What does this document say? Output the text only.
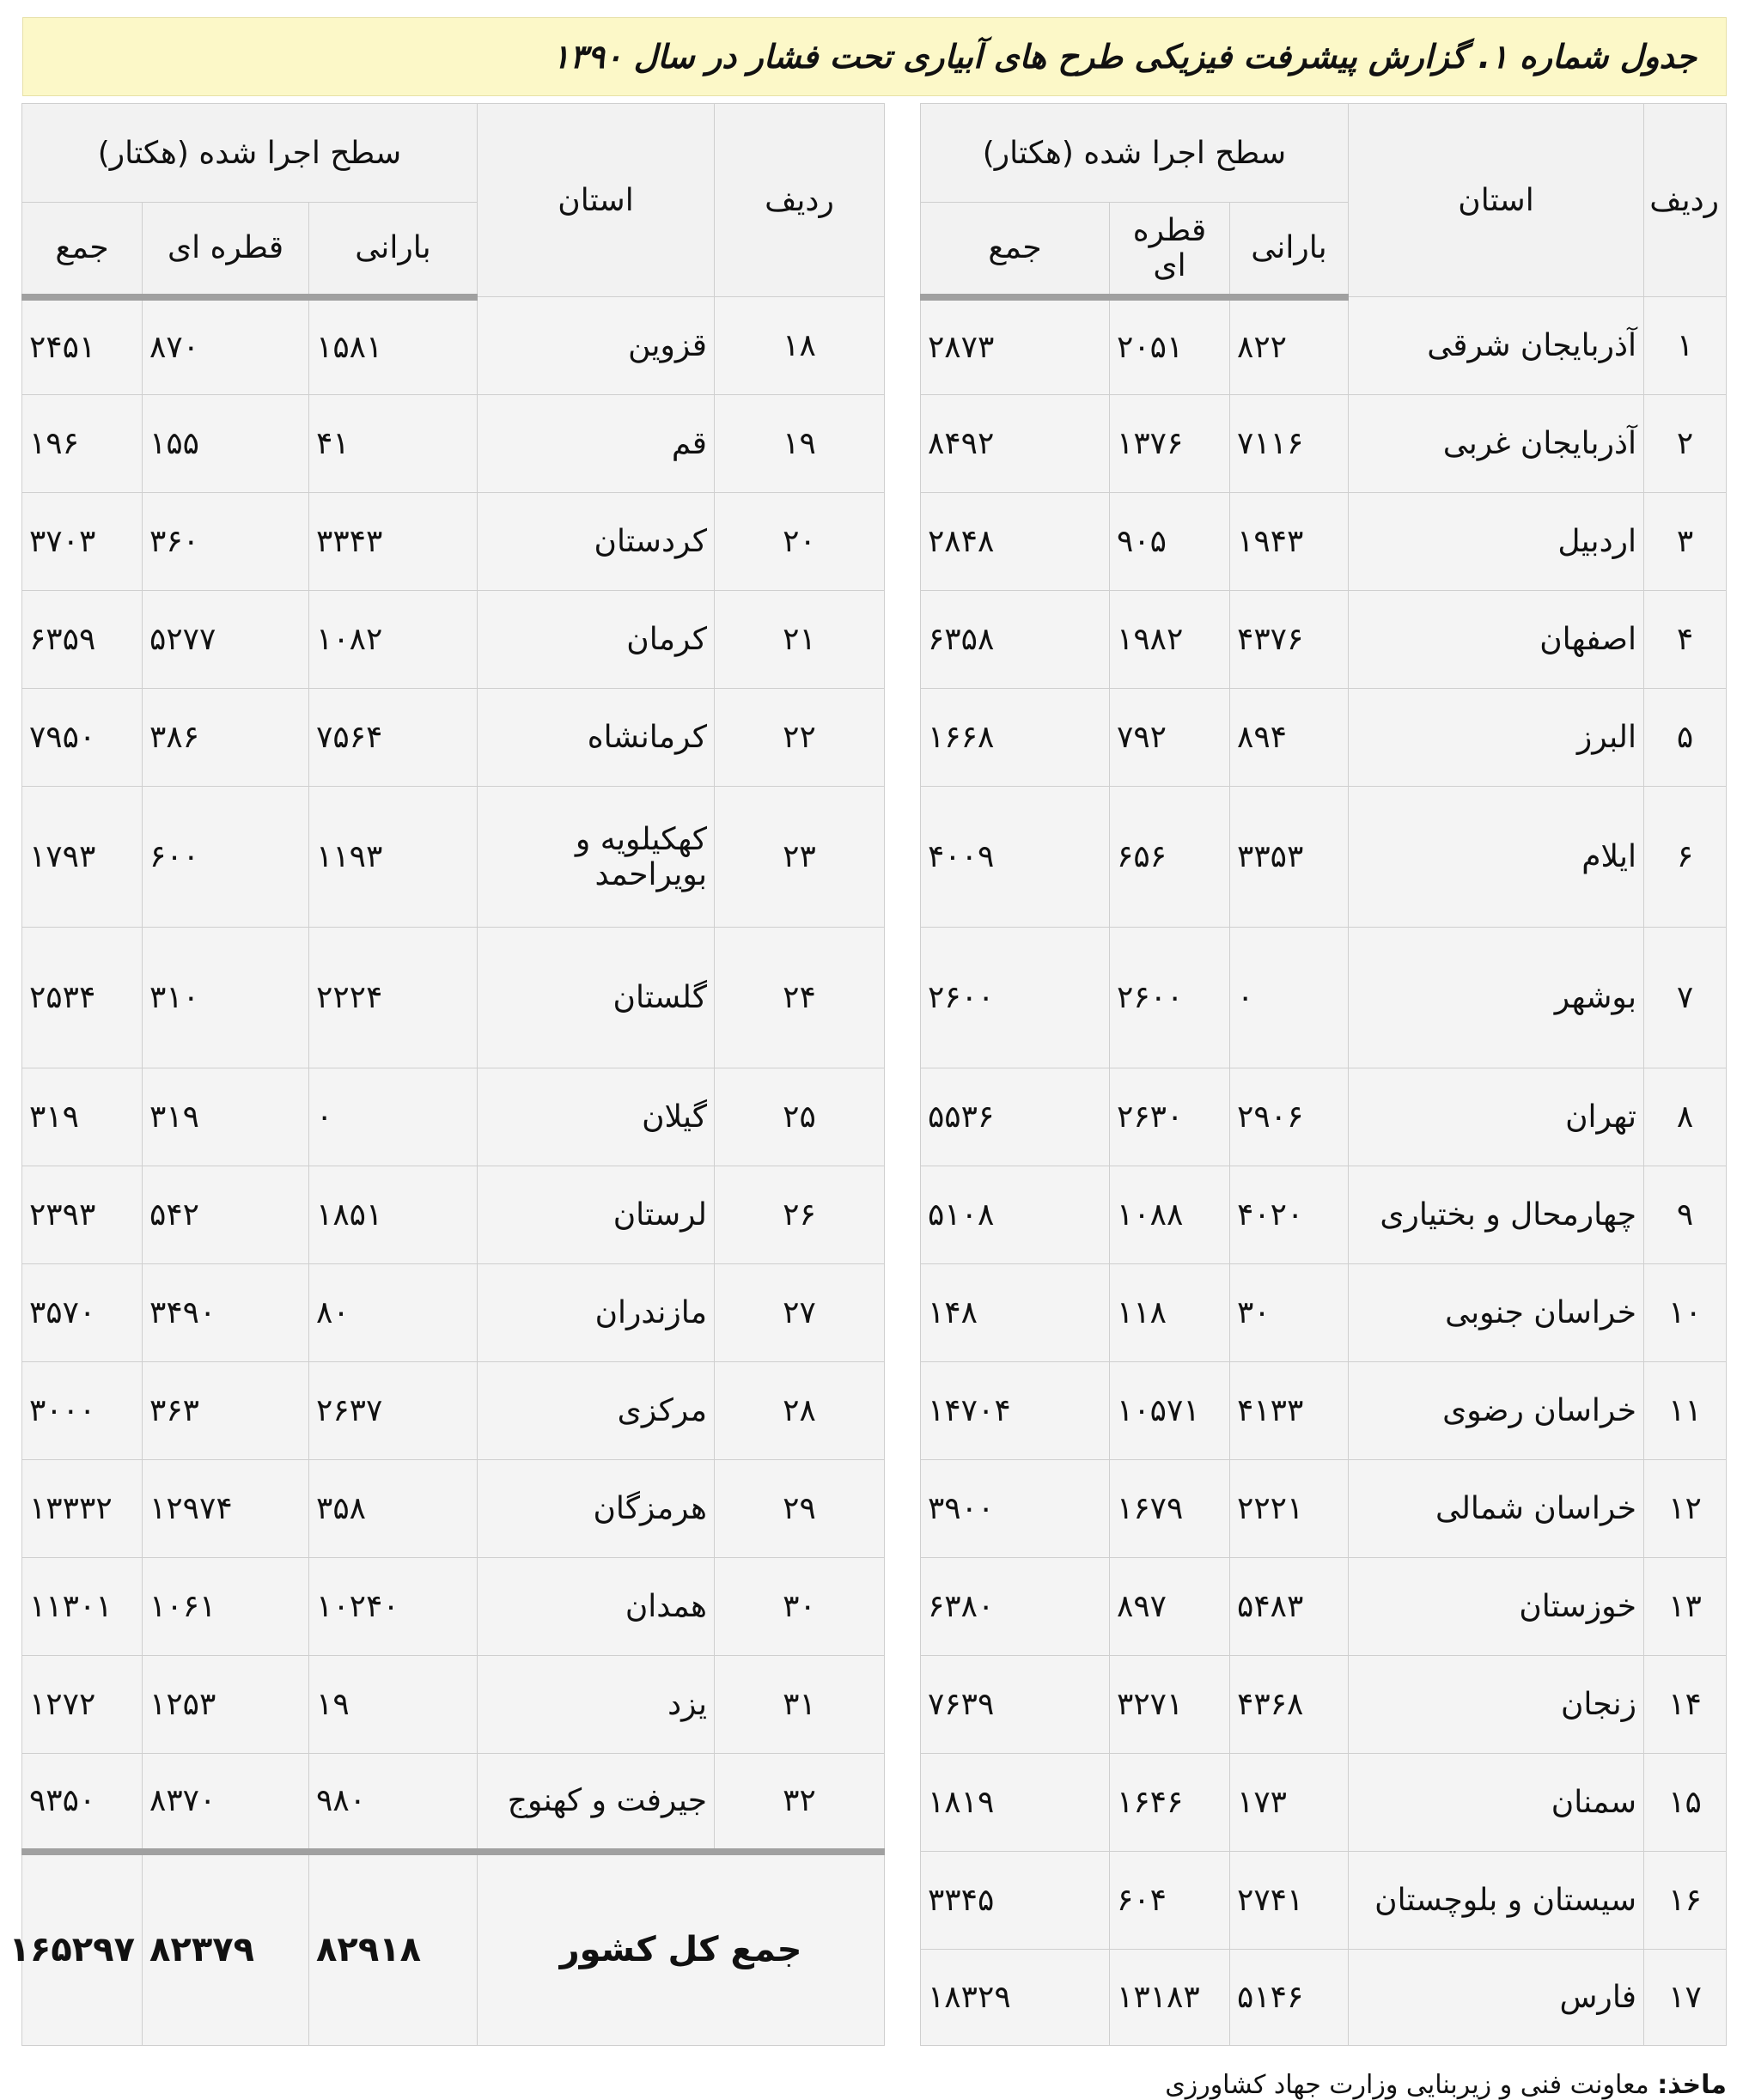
جدول شماره ۱. گزارش پیشرفت فیزیکی طرح های آبیاری تحت فشار در سال ۱۳۹۰
ردیف	استان	سطح اجرا شده (هکتار)		
		بارانی	قطره ای	جمع
۱	آذربایجان شرقی	۸۲۲	۲۰۵۱	۲۸۷۳
۲	آذربایجان غربی	۷۱۱۶	۱۳۷۶	۸۴۹۲
۳	اردبیل	۱۹۴۳	۹۰۵	۲۸۴۸
۴	اصفهان	۴۳۷۶	۱۹۸۲	۶۳۵۸
۵	البرز	۸۹۴	۷۹۲	۱۶۶۸
۶	ایلام	۳۳۵۳	۶۵۶	۴۰۰۹
۷	بوشهر	۰	۲۶۰۰	۲۶۰۰
۸	تهران	۲۹۰۶	۲۶۳۰	۵۵۳۶
۹	چهارمحال و بختیاری	۴۰۲۰	۱۰۸۸	۵۱۰۸
۱۰	خراسان جنوبی	۳۰	۱۱۸	۱۴۸
۱۱	خراسان رضوی	۴۱۳۳	۱۰۵۷۱	۱۴۷۰۴
۱۲	خراسان شمالی	۲۲۲۱	۱۶۷۹	۳۹۰۰
۱۳	خوزستان	۵۴۸۳	۸۹۷	۶۳۸۰
۱۴	زنجان	۴۳۶۸	۳۲۷۱	۷۶۳۹
۱۵	سمنان	۱۷۳	۱۶۴۶	۱۸۱۹
۱۶	سیستان و بلوچستان	۲۷۴۱	۶۰۴	۳۳۴۵
۱۷	فارس	۵۱۴۶	۱۳۱۸۳	۱۸۳۲۹
ردیف	استان	سطح اجرا شده (هکتار)		
		بارانی	قطره ای	جمع
۱۸	قزوین	۱۵۸۱	۸۷۰	۲۴۵۱
۱۹	قم	۴۱	۱۵۵	۱۹۶
۲۰	کردستان	۳۳۴۳	۳۶۰	۳۷۰۳
۲۱	کرمان	۱۰۸۲	۵۲۷۷	۶۳۵۹
۲۲	کرمانشاه	۷۵۶۴	۳۸۶	۷۹۵۰
۲۳	کهکیلویه و بویراحمد	۱۱۹۳	۶۰۰	۱۷۹۳
۲۴	گلستان	۲۲۲۴	۳۱۰	۲۵۳۴
۲۵	گیلان	۰	۳۱۹	۳۱۹
۲۶	لرستان	۱۸۵۱	۵۴۲	۲۳۹۳
۲۷	مازندران	۸۰	۳۴۹۰	۳۵۷۰
۲۸	مرکزی	۲۶۳۷	۳۶۳	۳۰۰۰
۲۹	هرمزگان	۳۵۸	۱۲۹۷۴	۱۳۳۳۲
۳۰	همدان	۱۰۲۴۰	۱۰۶۱	۱۱۳۰۱
۳۱	یزد	۱۹	۱۲۵۳	۱۲۷۲
۳۲	جیرفت و کهنوج	۹۸۰	۸۳۷۰	۹۳۵۰
جمع کل کشور		۸۲۹۱۸	۸۲۳۷۹	۱۶۵۲۹۷
ماخذ: معاونت فنی و زیربنایی وزارت جهاد کشاورزی
